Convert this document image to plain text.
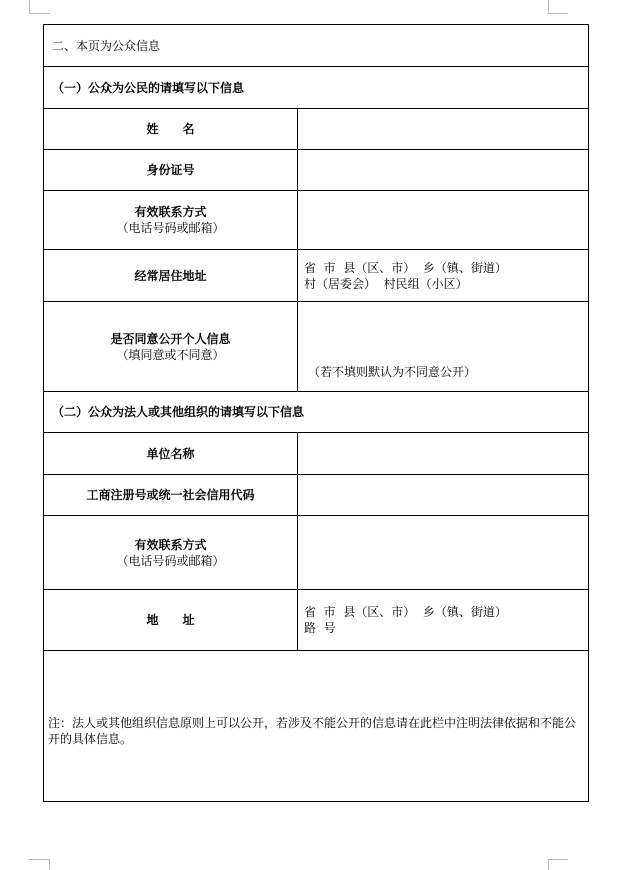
二、本页为公众信息	
（一）公众为公民的请填写以下信息	

姓名	

身份证号	

有效联系方式
（电话号码或邮箱）	

经常居住地址	省  市  县（区、市）  乡（镇、街道）
村（居委会）  村民组（小区）

是否同意公开个人信息
（填同意或不同意）	（若不填则默认为不同意公开）

（二）公众为法人或其他组织的请填写以下信息	

单位名称	

工商注册号或统一社会信用代码	

有效联系方式
（电话号码或邮箱）	

地址	省  市  县（区、市）  乡（镇、街道）
路  号

注：法人或其他组织信息原则上可以公开，若涉及不能公开的信息请在此栏中注明法律依据和不能公开的具体信息。	
